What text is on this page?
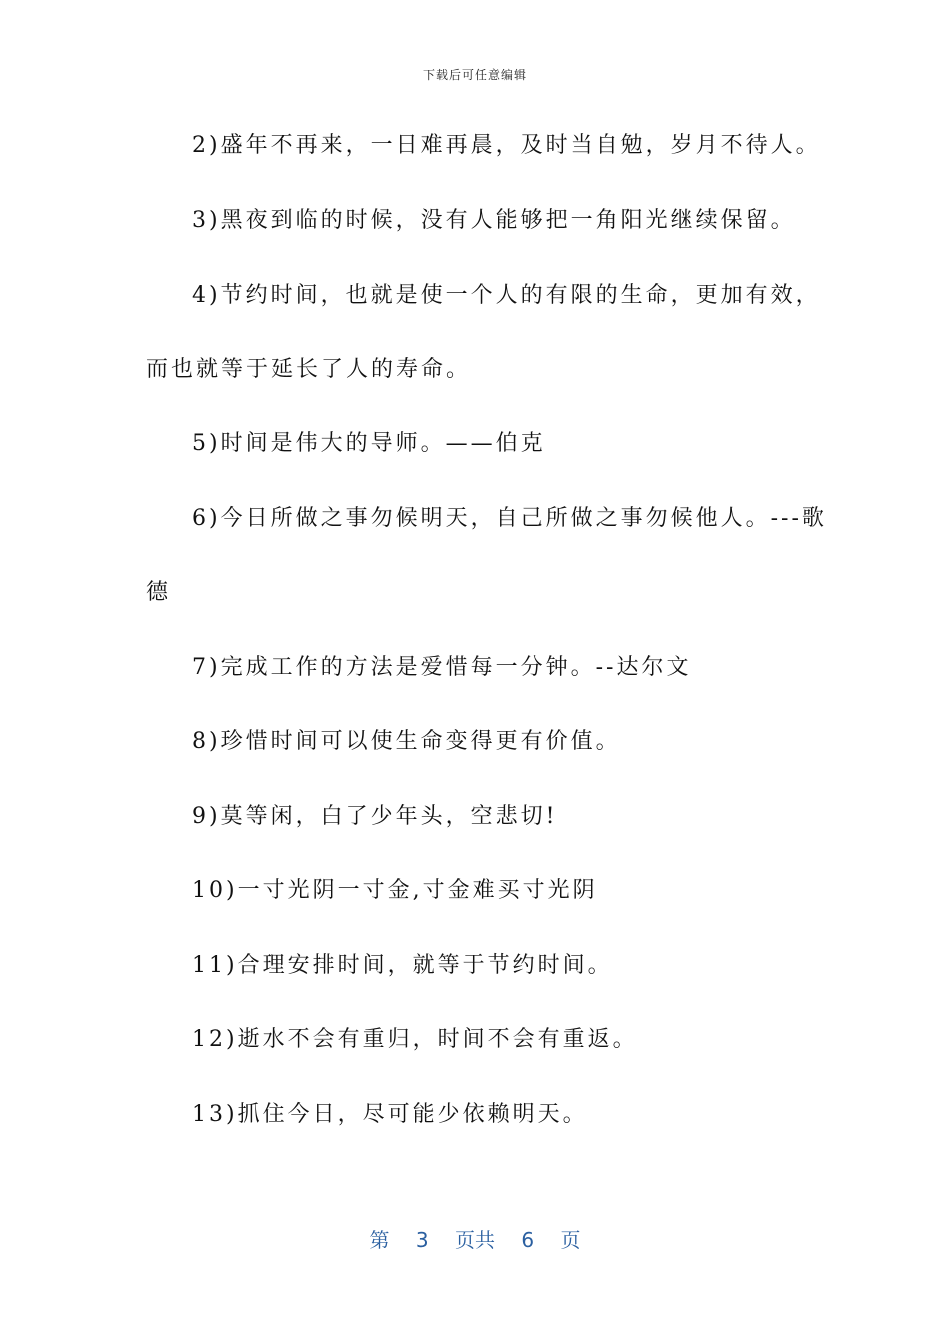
下载后可任意编辑
2)盛年不再来，一日难再晨，及时当自勉，岁月不待人。
3)黑夜到临的时候，没有人能够把一角阳光继续保留。
4)节约时间，也就是使一个人的有限的生命，更加有效，
而也就等于延长了人的寿命。
5)时间是伟大的导师。——伯克
6)今日所做之事勿候明天，自己所做之事勿候他人。---歌
德
7)完成工作的方法是爱惜每一分钟。--达尔文
8)珍惜时间可以使生命变得更有价值。
9)莫等闲，白了少年头，空悲切!
10)一寸光阴一寸金,寸金难买寸光阴
11)合理安排时间，就等于节约时间。
12)逝水不会有重归，时间不会有重返。
13)抓住今日，尽可能少依赖明天。
第 3 页共 6 页
